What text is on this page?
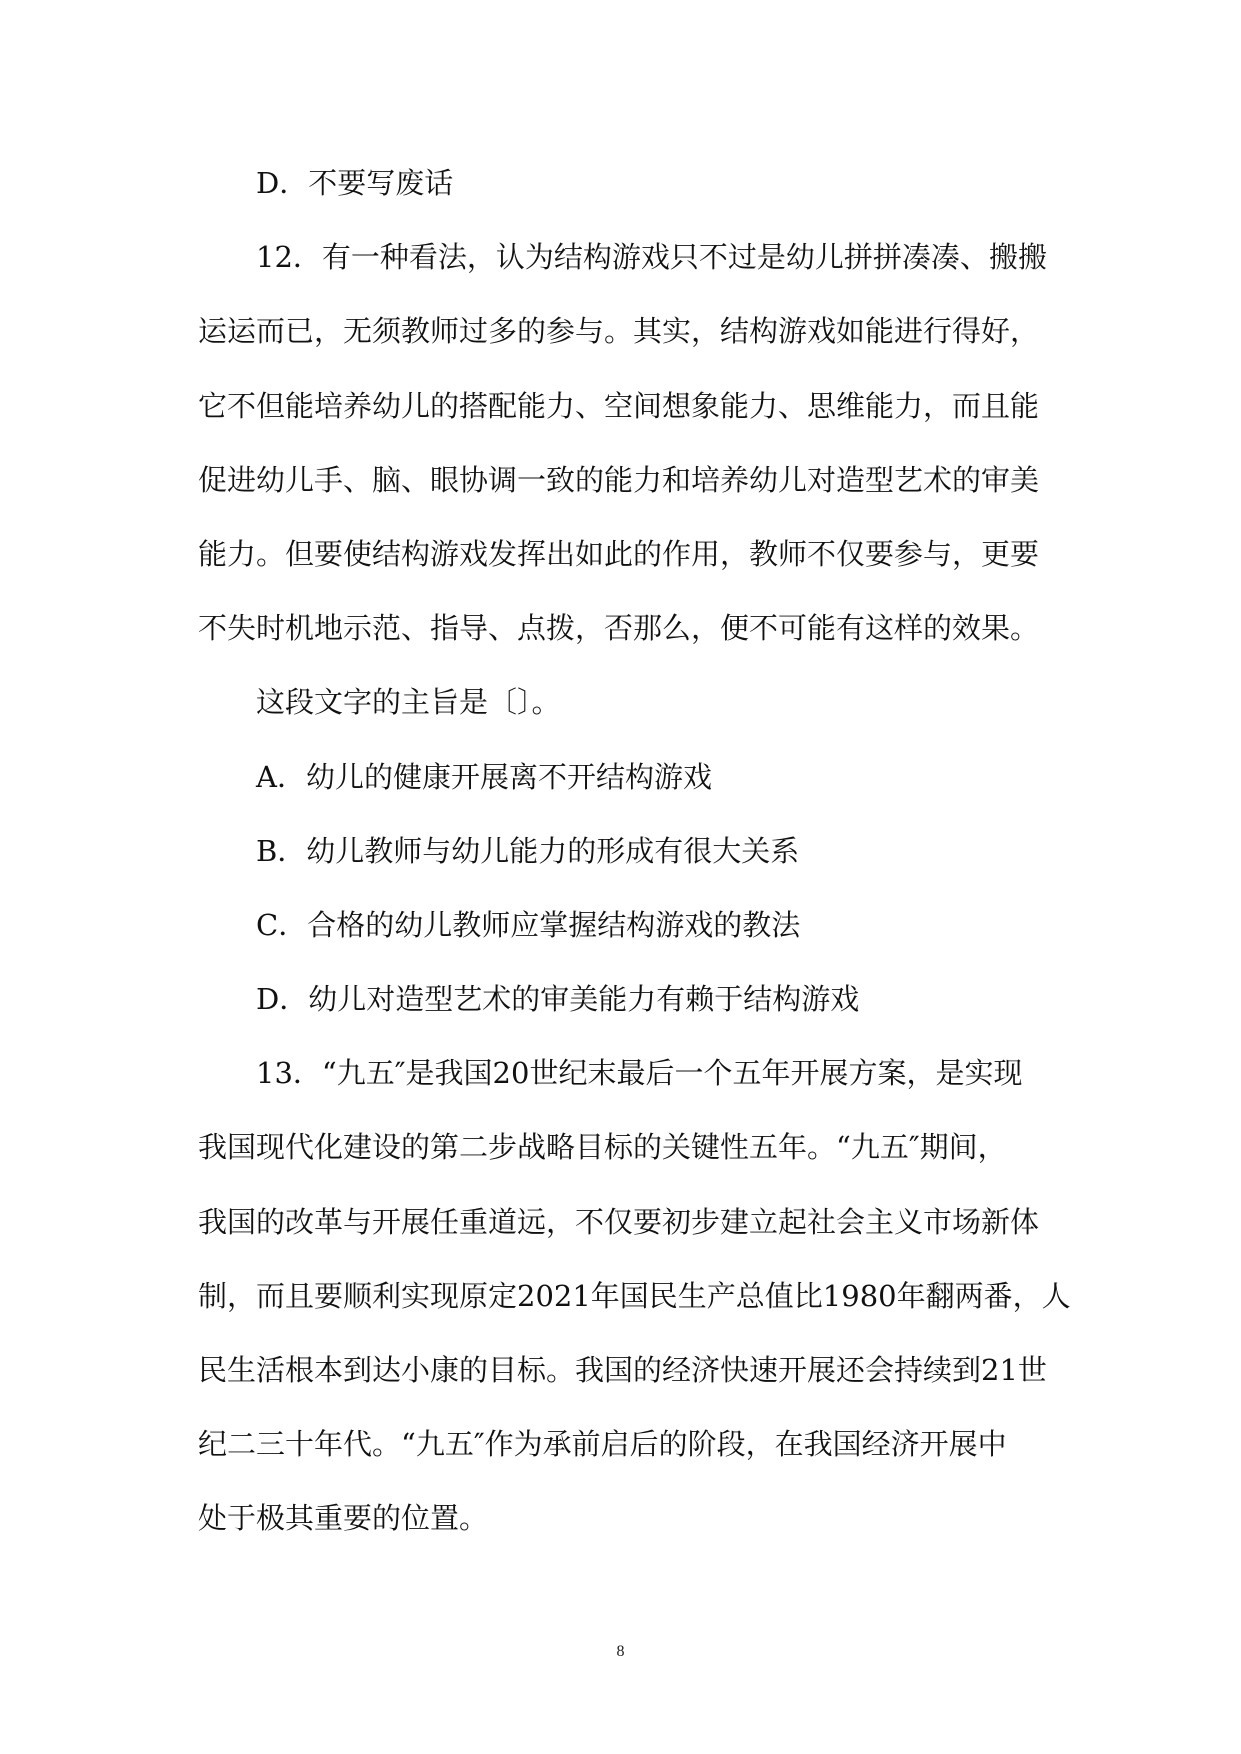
D．不要写废话
12．有一种看法，认为结构游戏只不过是幼儿拼拼凑凑、搬搬
运运而已，无须教师过多的参与。其实，结构游戏如能进行得好，
它不但能培养幼儿的搭配能力、空间想象能力、思维能力，而且能
促进幼儿手、脑、眼协调一致的能力和培养幼儿对造型艺术的审美
能力。但要使结构游戏发挥出如此的作用，教师不仅要参与，更要
不失时机地示范、指导、点拨，否那么，便不可能有这样的效果。
这段文字的主旨是〔〕。
A．幼儿的健康开展离不开结构游戏
B．幼儿教师与幼儿能力的形成有很大关系
C．合格的幼儿教师应掌握结构游戏的教法
D．幼儿对造型艺术的审美能力有赖于结构游戏
13．“九五″是我国20世纪末最后一个五年开展方案，是实现
我国现代化建设的第二步战略目标的关键性五年。“九五″期间，
我国的改革与开展任重道远，不仅要初步建立起社会主义市场新体
制，而且要顺利实现原定2021年国民生产总值比1980年翻两番，人
民生活根本到达小康的目标。我国的经济快速开展还会持续到21世
纪二三十年代。“九五″作为承前启后的阶段，在我国经济开展中
处于极其重要的位置。
8
